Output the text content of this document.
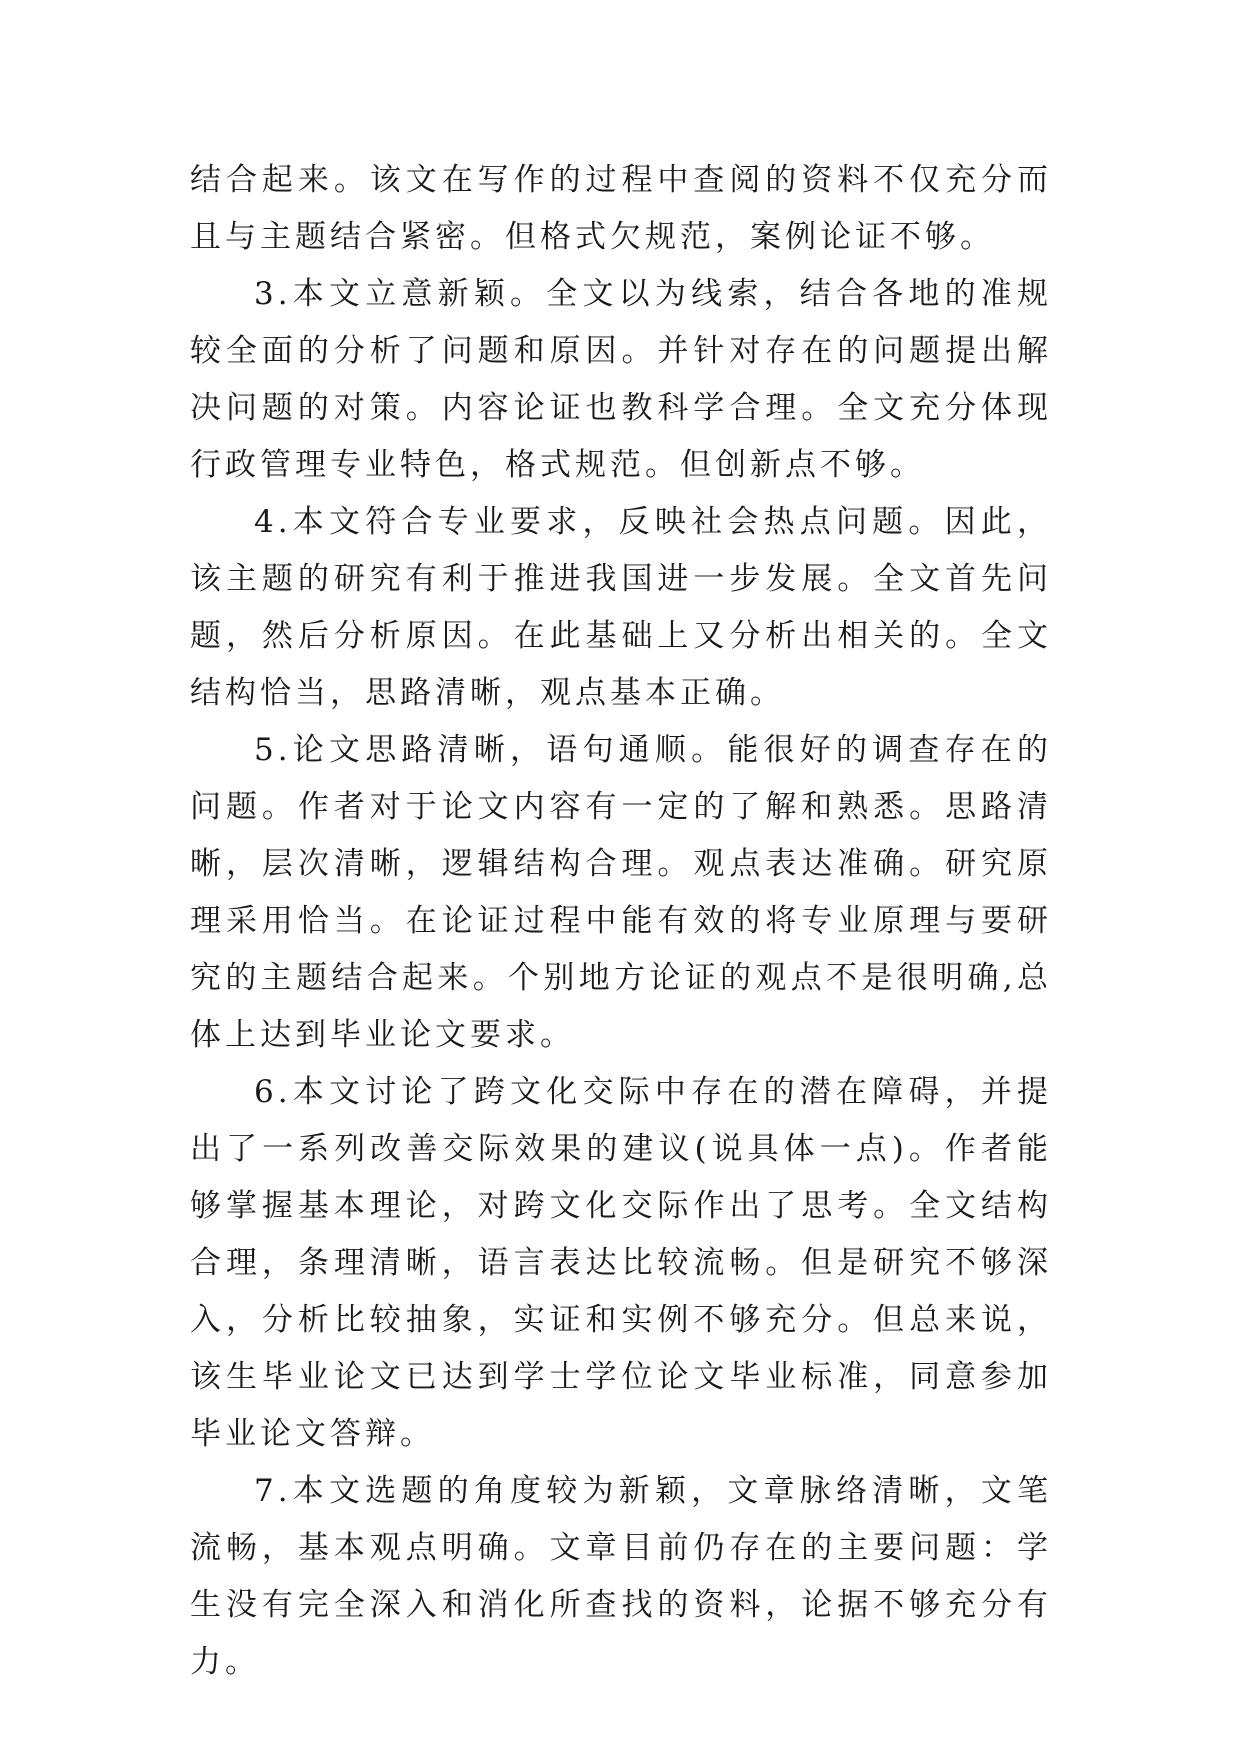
结合起来。该文在写作的过程中查阅的资料不仅充分而且与主题结合紧密。但格式欠规范，案例论证不够。

3.本文立意新颖。全文以为线索，结合各地的准规较全面的分析了问题和原因。并针对存在的问题提出解决问题的对策。内容论证也教科学合理。全文充分体现行政管理专业特色，格式规范。但创新点不够。

4.本文符合专业要求，反映社会热点问题。因此，该主题的研究有利于推进我国进一步发展。全文首先问题，然后分析原因。在此基础上又分析出相关的。全文结构恰当，思路清晰，观点基本正确。

5.论文思路清晰，语句通顺。能很好的调查存在的问题。作者对于论文内容有一定的了解和熟悉。思路清晰，层次清晰，逻辑结构合理。观点表达准确。研究原理采用恰当。在论证过程中能有效的将专业原理与要研究的主题结合起来。个别地方论证的观点不是很明确,总体上达到毕业论文要求。

6.本文讨论了跨文化交际中存在的潜在障碍，并提出了一系列改善交际效果的建议(说具体一点)。作者能够掌握基本理论，对跨文化交际作出了思考。全文结构合理，条理清晰，语言表达比较流畅。但是研究不够深入，分析比较抽象，实证和实例不够充分。但总来说，该生毕业论文已达到学士学位论文毕业标准，同意参加毕业论文答辩。

7.本文选题的角度较为新颖，文章脉络清晰，文笔流畅，基本观点明确。文章目前仍存在的主要问题：学生没有完全深入和消化所查找的资料，论据不够充分有力。
